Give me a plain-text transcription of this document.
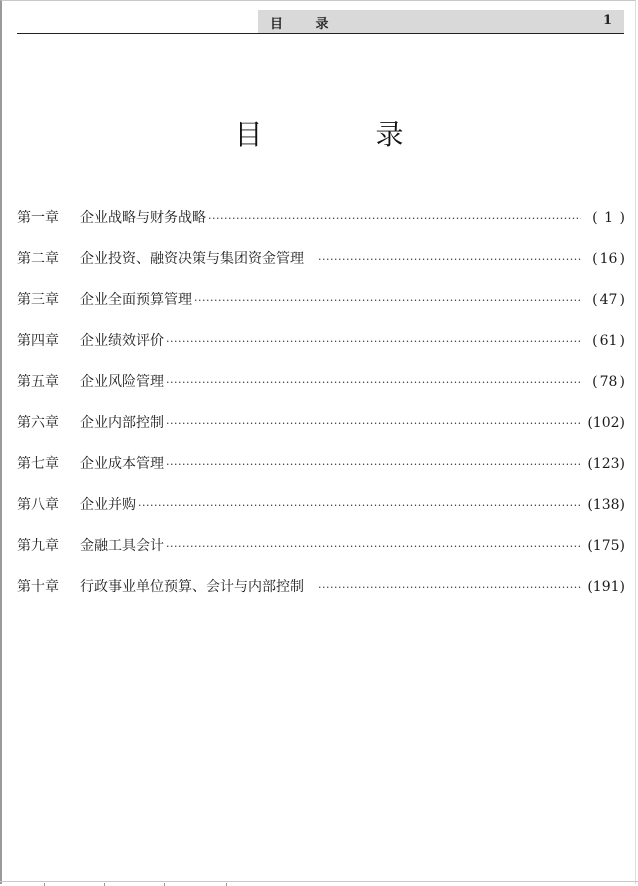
目 录	1
目 录
第一章	企业战略与财务战略 ·····	( 1 )
第二章	企业投资、融资决策与集团资金管理 ·····	( 16 )
第三章	企业全面预算管理 ·····	( 47 )
第四章	企业绩效评价 ·····	( 61 )
第五章	企业风险管理 ·····	( 78 )
第六章	企业内部控制 ·····	(102)
第七章	企业成本管理 ·····	(123)
第八章	企业并购 ·····	(138)
第九章	金融工具会计 ·····	(175)
第十章	行政事业单位预算、会计与内部控制 ·····	(191)
